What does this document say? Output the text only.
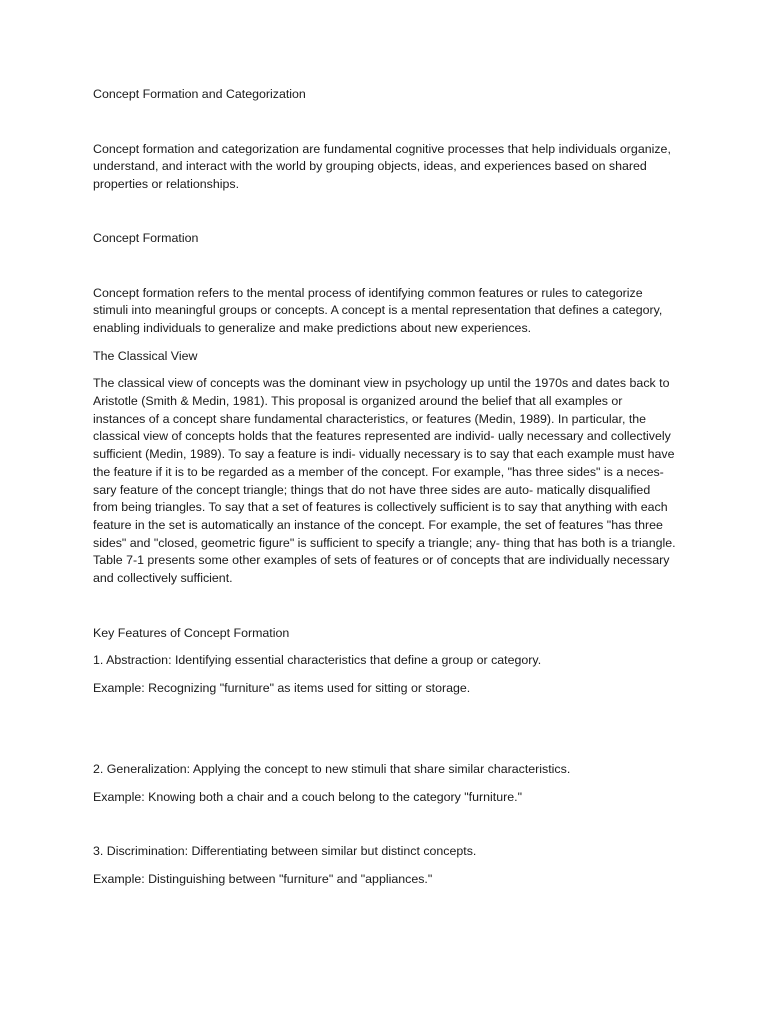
Concept Formation and Categorization

Concept formation and categorization are fundamental cognitive processes that help individuals organize, understand, and interact with the world by grouping objects, ideas, and experiences based on shared properties or relationships.

Concept Formation

Concept formation refers to the mental process of identifying common features or rules to categorize stimuli into meaningful groups or concepts. A concept is a mental representation that defines a category, enabling individuals to generalize and make predictions about new experiences.

The Classical View

The classical view of concepts was the dominant view in psychology up until the 1970s and dates back to Aristotle (Smith & Medin, 1981). This proposal is organized around the belief that all examples or instances of a concept share fundamental characteristics, or features (Medin, 1989). In particular, the classical view of concepts holds that the features represented are individ- ually necessary and collectively sufficient (Medin, 1989). To say a feature is indi- vidually necessary is to say that each example must have the feature if it is to be regarded as a member of the concept. For example, "has three sides" is a neces- sary feature of the concept triangle; things that do not have three sides are auto- matically disqualified from being triangles. To say that a set of features is collectively sufficient is to say that anything with each feature in the set is automatically an instance of the concept. For example, the set of features "has three sides" and "closed, geometric figure" is sufficient to specify a triangle; any- thing that has both is a triangle. Table 7-1 presents some other examples of sets of features or of concepts that are individually necessary and collectively sufficient.

Key Features of Concept Formation

1. Abstraction: Identifying essential characteristics that define a group or category.

Example: Recognizing "furniture" as items used for sitting or storage.

2. Generalization: Applying the concept to new stimuli that share similar characteristics.

Example: Knowing both a chair and a couch belong to the category "furniture."

3. Discrimination: Differentiating between similar but distinct concepts.

Example: Distinguishing between "furniture" and "appliances."
